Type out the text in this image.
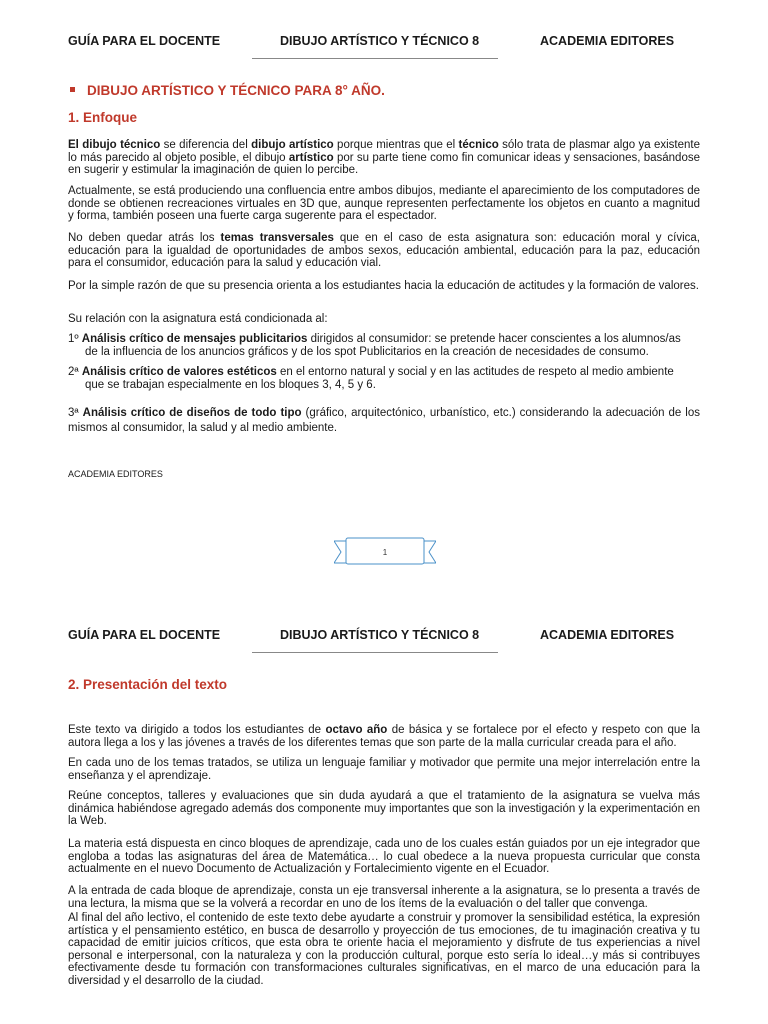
GUÍA PARA EL DOCENTE	DIBUJO ARTÍSTICO Y TÉCNICO 8	ACADEMIA EDITORES
DIBUJO ARTÍSTICO Y TÉCNICO PARA 8° AÑO.
1. Enfoque
El dibujo técnico se diferencia del dibujo artístico porque mientras que el técnico sólo trata de plasmar algo ya existente lo más parecido al objeto posible, el dibujo artístico por su parte tiene como fin comunicar ideas y sensaciones, basándose en sugerir y estimular la imaginación de quien lo percibe.
Actualmente, se está produciendo una confluencia entre ambos dibujos, mediante el aparecimiento de los computadores de donde se obtienen recreaciones virtuales en 3D que, aunque representen perfectamente los objetos en cuanto a magnitud y forma, también poseen una fuerte carga sugerente para el espectador.
No deben quedar atrás los temas transversales que en el caso de esta asignatura son: educación moral y cívica, educación para la igualdad de oportunidades de ambos sexos, educación ambiental, educación para la paz, educación para el consumidor, educación para la salud y educación vial.
Por la simple razón de que su presencia orienta a los estudiantes hacia la educación de actitudes y la formación de valores.
Su relación con la asignatura está condicionada al:
1º Análisis crítico de mensajes publicitarios dirigidos al consumidor: se pretende hacer conscientes a los alumnos/as
de la influencia de los anuncios gráficos y de los spot Publicitarios en la creación de necesidades de consumo.
2ª Análisis crítico de valores estéticos en el entorno natural y social y en las actitudes de respeto al medio ambiente
que se trabajan especialmente en los bloques 3, 4, 5 y 6.
3ª Análisis crítico de diseños de todo tipo (gráfico, arquitectónico, urbanístico, etc.) considerando la adecuación de los mismos al consumidor, la salud y al medio ambiente.
ACADEMIA EDITORES
1
GUÍA PARA EL DOCENTE	DIBUJO ARTÍSTICO Y TÉCNICO 8	ACADEMIA EDITORES
2. Presentación del texto
Este texto va dirigido a todos los estudiantes de octavo año de básica y se fortalece por el efecto y respeto con que la autora llega a los y las jóvenes a través de los diferentes temas que son parte de la malla curricular creada para el año.
En cada uno de los temas tratados, se utiliza un lenguaje familiar y motivador que permite una mejor interrelación entre la enseñanza y el aprendizaje.
Reúne conceptos, talleres y evaluaciones que sin duda ayudará a que el tratamiento de la asignatura se vuelva más dinámica habiéndose agregado además dos componente muy importantes que son la investigación y la experimentación en la Web.
La materia está dispuesta en cinco bloques de aprendizaje, cada uno de los cuales están guiados por un eje integrador que engloba a todas las asignaturas del área de Matemática… lo cual obedece a la nueva propuesta curricular que consta actualmente en el nuevo Documento de Actualización y Fortalecimiento vigente en el Ecuador.
A la entrada de cada bloque de aprendizaje, consta un eje transversal inherente a la asignatura, se lo presenta a través de una lectura, la misma que se la volverá a recordar en uno de los ítems de la evaluación o del taller que convenga.
Al final del año lectivo, el contenido de este texto debe ayudarte a construir y promover la sensibilidad estética, la expresión artística y el pensamiento estético, en busca de desarrollo y proyección de tus emociones, de tu imaginación creativa y tu capacidad de emitir juicios críticos, que esta obra te oriente hacia el mejoramiento y disfrute de tus experiencias a nivel personal e interpersonal, con la naturaleza y con la producción cultural, porque esto sería lo ideal…y más si contribuyes efectivamente desde tu formación con transformaciones culturales significativas, en el marco de una educación para la diversidad y el desarrollo de la ciudad.
